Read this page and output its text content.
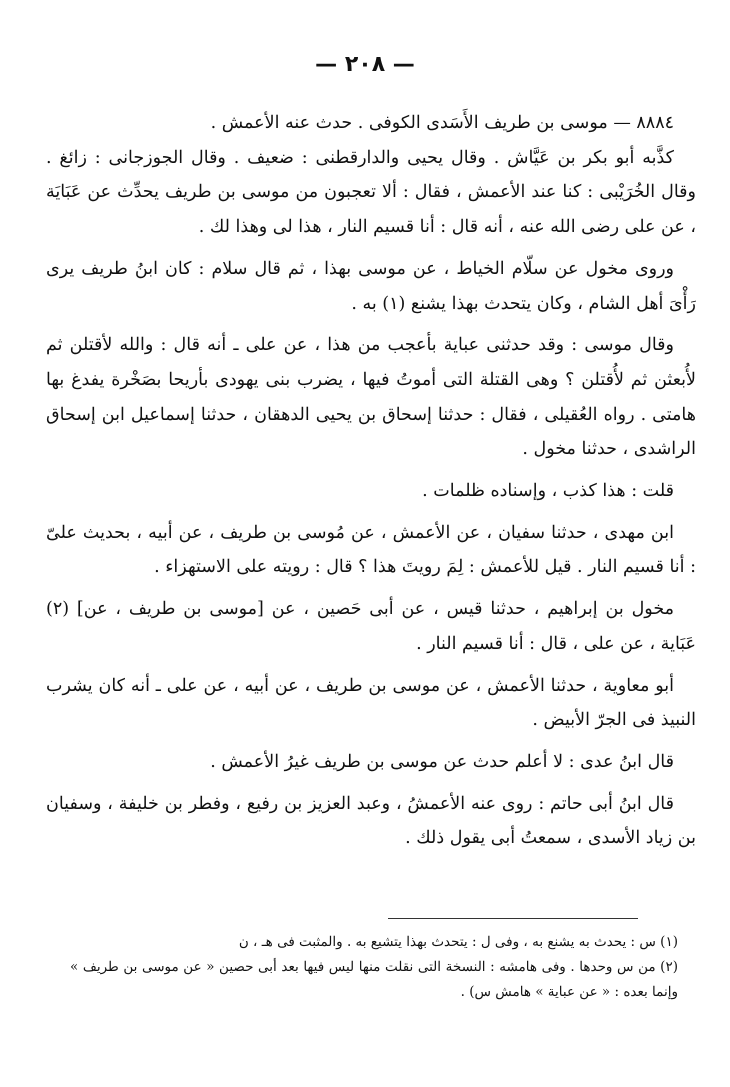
— ٢٠٨ —

٨٨٨٤ — موسى بن طريف الأَسَدى الكوفى . حدث عنه الأعمش .

كذَّبه أبو بكر بن عَيَّاش . وقال يحيى والدارقطنى : ضعيف . وقال الجوزجانى : زائغ . وقال الخُرَيْبى : كنا عند الأعمش ، فقال : ألا تعجبون من موسى بن طريف يحدِّث عن عَبَايَة ، عن على رضى الله عنه ، أنه قال : أنا قسيم النار ، هذا لى وهذا لك .

وروى مخول عن سلّام الخياط ، عن موسى بهذا ، ثم قال سلام : كان ابنُ طريف يرى رَأْىَ أهل الشام ، وكان يتحدث بهذا يشنع (١) به .

وقال موسى : وقد حدثنى عباية بأعجب من هذا ، عن على ـ أنه قال : والله لأقتلن ثم لأُبعثن ثم لأُقتلن ؟ وهى القتلة التى أموتُ فيها ، يضرب بنى يهودى بأريحا بصَخْرة يفدغ بها هامتى . رواه العُقيلى ، فقال : حدثنا إسحاق بن يحيى الدهقان ، حدثنا إسماعيل ابن إسحاق الراشدى ، حدثنا مخول .

قلت : هذا كذب ، وإسناده ظلمات .

ابن مهدى ، حدثنا سفيان ، عن الأعمش ، عن مُوسى بن طريف ، عن أبيه ، بحديث علىّ : أنا قسيم النار . قيل للأعمش : لِمَ رويتَ هذا ؟ قال : رويته على الاستهزاء .

مخول بن إبراهيم ، حدثنا قيس ، عن أبى حَصين ، عن [موسى بن طريف ، عن] (٢) عَبَاية ، عن على ، قال : أنا قسيم النار .

أبو معاوية ، حدثنا الأعمش ، عن موسى بن طريف ، عن أبيه ، عن على ـ أنه كان يشرب النبيذ فى الجرّ الأبيض .

قال ابنُ عدى : لا أعلم حدث عن موسى بن طريف غيرُ الأعمش .

قال ابنُ أبى حاتم : روى عنه الأعمشُ ، وعبد العزيز بن رفيع ، وفطر بن خليفة ، وسفيان بن زياد الأسدى ، سمعتُ أبى يقول ذلك .

(١) س : يحدث به يشنع به ، وفى ل : يتحدث بهذا يتشيع به . والمثبت فى هـ ، ن

(٢) من س وحدها . وفى هامشه : النسخة التى نقلت منها ليس فيها بعد أبى حصين « عن موسى بن طريف » وإنما بعده : « عن عباية » هامش س) .
